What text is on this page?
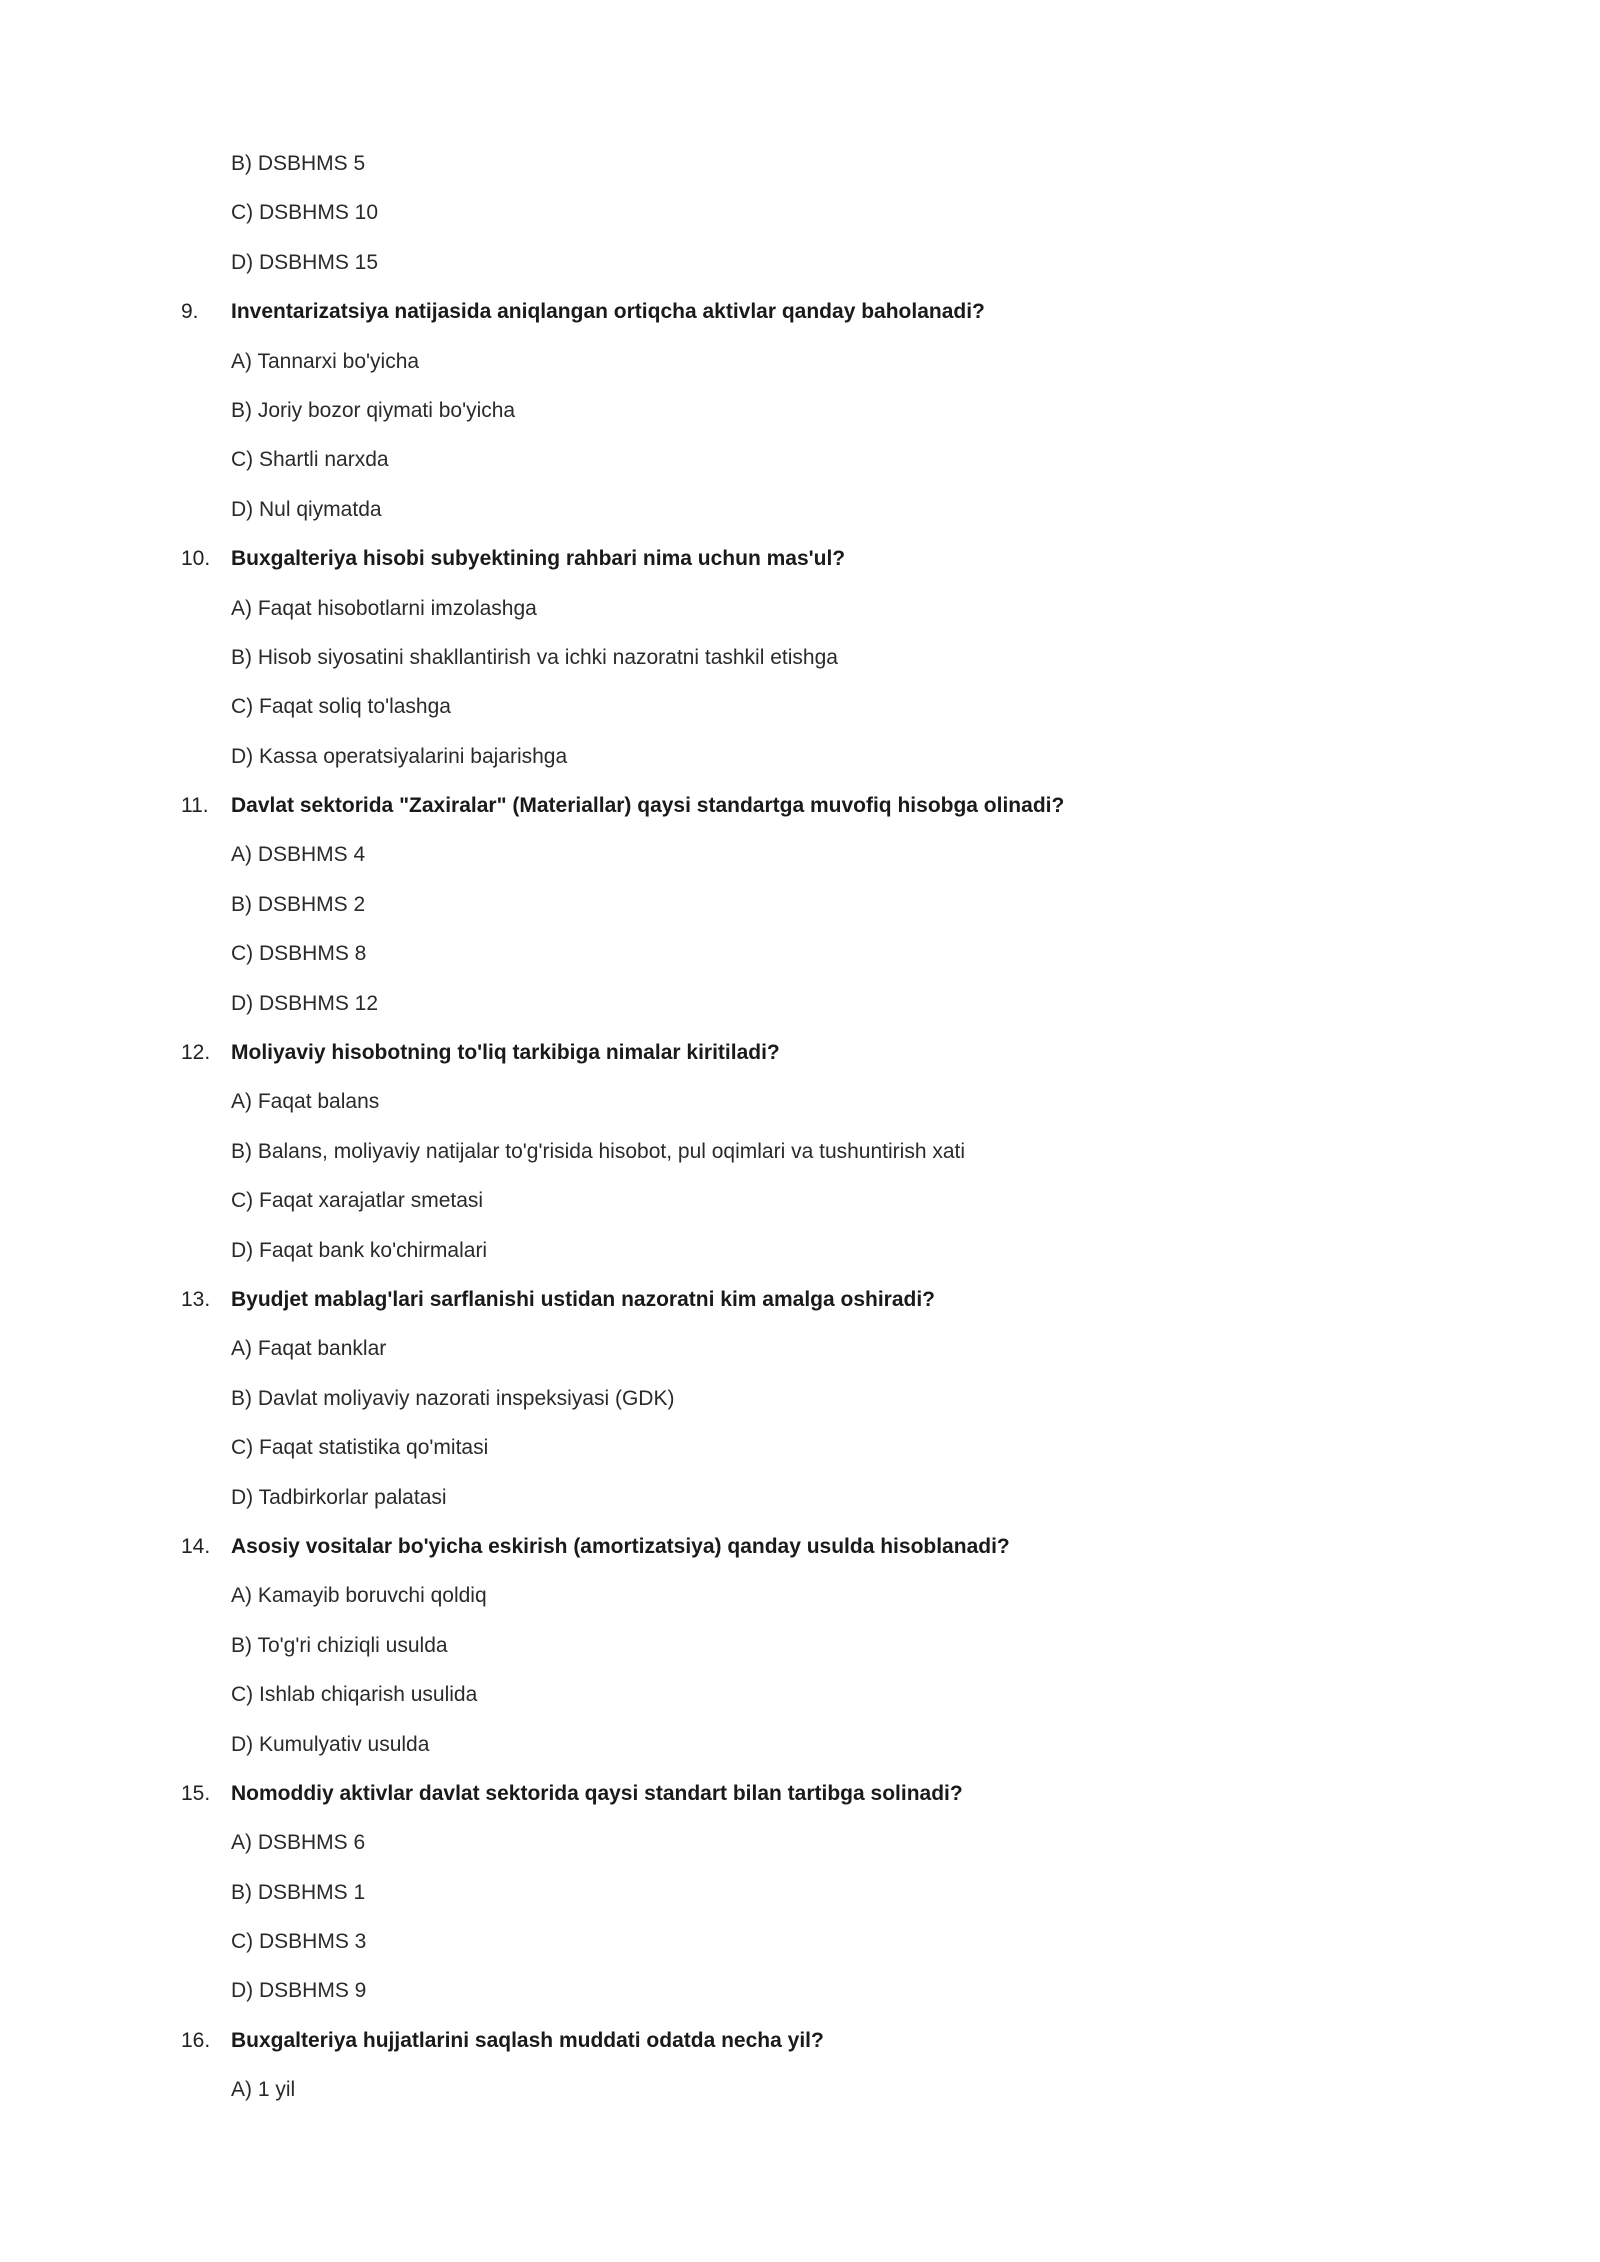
B) DSBHMS 5
C) DSBHMS 10
D) DSBHMS 15
9. Inventarizatsiya natijasida aniqlangan ortiqcha aktivlar qanday baholanadi?
A) Tannarxi bo'yicha
B) Joriy bozor qiymati bo'yicha
C) Shartli narxda
D) Nul qiymatda
10. Buxgalteriya hisobi subyektining rahbari nima uchun mas'ul?
A) Faqat hisobotlarni imzolashga
B) Hisob siyosatini shakllantirish va ichki nazoratni tashkil etishga
C) Faqat soliq to'lashga
D) Kassa operatsiyalarini bajarishga
11. Davlat sektorida "Zaxiralar" (Materiallar) qaysi standartga muvofiq hisobga olinadi?
A) DSBHMS 4
B) DSBHMS 2
C) DSBHMS 8
D) DSBHMS 12
12. Moliyaviy hisobotning to'liq tarkibiga nimalar kiritiladi?
A) Faqat balans
B) Balans, moliyaviy natijalar to'g'risida hisobot, pul oqimlari va tushuntirish xati
C) Faqat xarajatlar smetasi
D) Faqat bank ko'chirmalari
13. Byudjet mablag'lari sarflanishi ustidan nazoratni kim amalga oshiradi?
A) Faqat banklar
B) Davlat moliyaviy nazorati inspeksiyasi (GDK)
C) Faqat statistika qo'mitasi
D) Tadbirkorlar palatasi
14. Asosiy vositalar bo'yicha eskirish (amortizatsiya) qanday usulda hisoblanadi?
A) Kamayib boruvchi qoldiq
B) To'g'ri chiziqli usulda
C) Ishlab chiqarish usulida
D) Kumulyativ usulda
15. Nomoddiy aktivlar davlat sektorida qaysi standart bilan tartibga solinadi?
A) DSBHMS 6
B) DSBHMS 1
C) DSBHMS 3
D) DSBHMS 9
16. Buxgalteriya hujjatlarini saqlash muddati odatda necha yil?
A) 1 yil
